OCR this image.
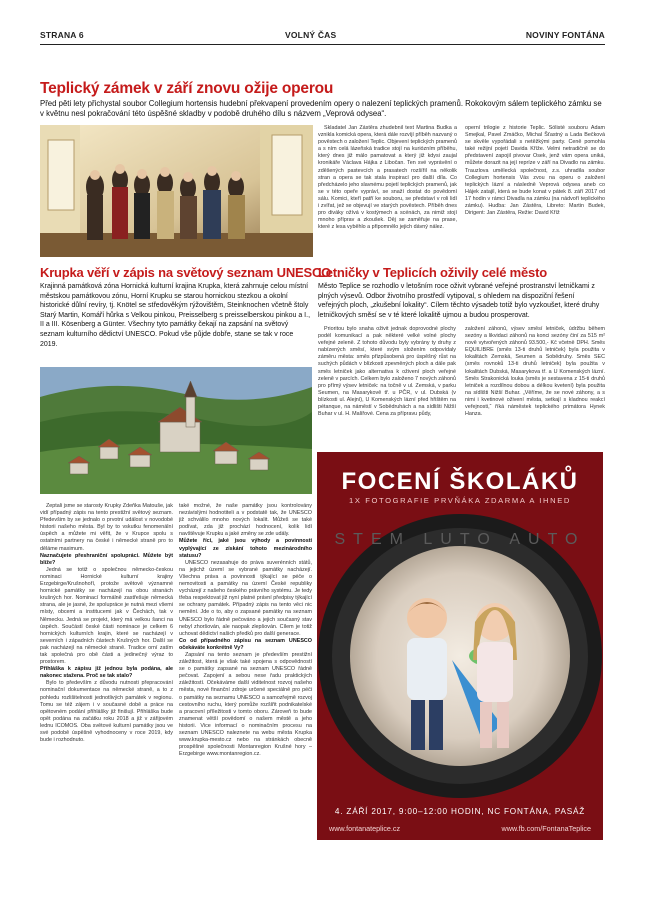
STRANA 6	VOLNÝ ČAS	NOVINY FONTÁNA
Teplický zámek v září znovu ožije operou
Před pěti lety přichystal soubor Collegium hortensis hudební překvapení provedením opery o nalezení teplických pramenů. Rokokovým sálem teplického zámku se v květnu nesl pokračování této úspěšné skladby v podobě druhého dílu s názvem „Veprová odysea“.

Skladatel Jan Zástěra zhudebnil text Martina Budka a vznikla komická opera, která dále rozvíjí příběh nazvaný o pověstech o založení Teplic. Objevení teplických pramenů a s ním celá lázeňská tradice stojí na kuriózním příběhu, který dnes již málo pamatovat a který již kdysi zaujal kronikáře Václava Hájka z Libočan. Ten své vyprávění o zděšených pastevcích a prasatech rozšířil na několik stran a opera se tak stala inspirací pro další díla. Co předcházelo jeho slavnému pojetí teplických pramenů, jak se v této opeře vypráví, se snaží dostat do povědomí sálu. Komici, kteří patří ke souboru, se představí v roli lidí i zvířat, jež se objevují ve starých pověstech. Příběh dnes pro diváky ožívá v kostýmech a scénách, za nimiž stojí mnoho příprav a zkoušek. Děj se zaměřuje na prase, které z lesa vyběhlo a připomnělo jejich dávný nález.

operní trilogie z historie Teplic. Sólisté souboru Adam Smejkal, Pavel Zmáčko, Michal Šťastný a Lada Bečková se skvěle vypořádali s netěžkými party. Ceně pomohla také režijní pojetí Davida Kříže. Velmi netradičně se do představení zapojil pivovar Osek, jenž vám opera uniká, můžete dorazit na její repríze v září na Divadlo na zámku. Trauzlova umělecká společnost, z.s. uhradila soubor Collegium hortensis Vás zvou na operu o založení teplických lázní a následně Veprová odysea aneb co Hájek zatajil, která se bude konat v pátek 8. září 2017 od 17 hodin v rámci Divadla na zámku (na nádvoří teplického zámku). Hudba: Jan Zástěra, Libreto: Martin Budek, Dirigent: Jan Zástěra, Režie: David Kříž

Krupka věří v zápis na světový seznam UNESCO
Krajinná památková zóna Hornická kulturní krajina Krupka, která zahrnuje celou místní městskou památkovou zónu, Horní Krupku se starou hornickou stezkou a okolní historické důlní revíry, tj. Knötel se středověkým rýžovištěm, Steinknochen včetně štoly Starý Martin, Komáří hůrka s Velkou pinkou, Preisselberg s preisselberskou pinkou a I., II a III. Kösenberg a Günter. Všechny tyto památky čekají na zapsání na světový seznam kulturního dědictví UNESCO. Pokud vše půjde dobře, stane se tak v roce 2019.

Zeptali jsme se starosty Krupky Zdeňka Matouše, jak vidí případný zápis na tento prestižní světový seznam. Předevšim by se jednalo o prvotní událost v novodobé historii našeho města. Byl by to vskutku fenomenální úspěch a můžete mi věřit, že v Krupce spolu s ostatními partnery na české i německé straně pro to děláme maximum.

Naznačujete přeshraniční spolupráci. Můžete být blíže?

Jedná se totiž o společnou německo-českou nominaci Hornické kulturní krajiny Erzgebirge/Krušnohoří, protože světově významné hornické památky se nacházejí na obou stranách krušných hor. Nominací formálně zastřešuje německá strana, ale je jasné, že spolupráce je nutná mezi všemi místy, obcemi a institucemi jak v Čechách, tak v Německu. Jedná se projekt, který má velkou šanci na úspěch. Součástí české části nominace je celkem 6 hornických kulturních krajin, které se nacházejí v severních i západních částech Krušných hor. Další se pak nacházejí na německé straně. Tradice orní zatím tak společná pro obě části a jedinečný výraz to prostorem.

Přihláška k zápisu již jednou byla podána, ale nakonec stažena. Proč se tak stalo?

Bylo to především z důvodu nutnosti přepracování nominační dokumentace na německé straně, a to z pohledu rozlišitelnosti jednotlivých památek v regionu. Tomu se též zájem i v současné době a práce na opětovném podání přihlášky již finišují. Přihláška bude opět podána na začátku roku 2018 a již v zářijovém lednu ICOMOS. Oba světové kulturní památky jsou ve své podobě úspěšně vyhodnoceny v roce 2019, kdy bude i rozhodnuto.

také možné, že naše památky jsou kontrolovány nezávislými hodnotiteli a v podstatě tak, že UNESCO již schválilo mnoho nových lokalit. Můžeš se také podívat, zda již prochází hodnocení, kolik lidí navštěvuje Krupku a jaké změny se zde udály.

Můžete říci, jaké jsou výhody a povinnosti vyplývající ze získání tohoto mezinárodního statusu?

UNESCO nezasahuje do práva suverénních států, na jejichž území se vybrané památky nacházejí. Všechna práva a povinnosti týkající se péče o nemovitosti a památky na území České republiky vycházejí z našeho českého právního systému. Je tedy třeba respektovat již nyní platné právní předpisy týkající se ochrany památek. Případný zápis na tento věci nic nemění. Jde o to, aby o zapsané památky na seznam UNESCO bylo řádně pečováno a jejich současný stav nebyl zhoršován, ale naopak zlepšován. Cílem je totiž uchovat dědictví našich předků pro další generace.

Co od případného zápisu na seznam UNESCO očekáváte konkrétně Vy?

Zapsání na tento seznam je především prestižní záležitost, která je však také spojena s odpovědností se o památky zapsané na seznam UNESCO řádně pečovat. Zapojení a sebou nese řadu praktických záležitostí. Očekáváme další viditelnost rozvoj našeho města, nové finanční zdroje určené speciálně pro péči o památky na seznamu UNESCO a samozřejmě rozvoj cestovního ruchu, který pomůže rozšířit podnikatelské a pracovní příležitosti v tomto oboru. Zároveň to bude znamenat větší povědomí o našem městě a jeho historii. Vice informací o nominačním procesu na seznam UNESCO naleznete na webu města Krupka www.krupka-mesto.cz nebo na stránkách obecně prospěšné společnosti Montanregion Krušné hory – Erzgebirge www.montanregion.cz.

Letničky v Teplicích oživily celé město
Město Teplice se rozhodlo v letošním roce oživit vybrané veřejné prostranství letničkami z plných výsevů. Odbor životního prostředí vytipoval, s ohledem na dispoziční řešení veřejných ploch, „zkušební lokality“. Cílem těchto výsadeb totiž bylo vyzkoušet, které druhy letničkových směsí se v té které lokalitě ujmou a budou prosperovat.

Prioritou bylo snaha oživit jednak doprovodné plochy podél komunikací a pak některé velké volné plochy veřejné zeleně. Z tohoto důvodu byly vybrány ty druhy z nabízených směsí, které svým složením odpovídaly záměru města: směs přizpůsobená pro úspěšný růst na suchých půdách v blízkosti zpevněných ploch a dále pak směs letniček jako alternativa k oživení ploch veřejné zeleně v parcích. Celkem bylo založeno 7 nových záhonů pro přímý výsev letniček: na točně v ul. Zemská, v parku Seumen, na Masarykově tř. u PČR, v ul. Dubská (v blízkosti ul. Alejní), U Komenských lázní před hřištěm na pétanque, na náměstí v Sobědruhách a na sídlišti Nižší Buhar v ul. H. Malířové. Cena za přípravu půdy,

založení záhonů, výsev směsí letniček, údržbu během sezóny a likvidaci záhonů na konci sezóny činí za 515 m² nově vytvořených záhonů 93.500,- Kč včetně DPH. Směs EQUILIBRE (směs 13-ti druhů letniček) byla použita v lokalitách Zemská, Seumen a Sobědruhy. Směs SEC (směs rovnoků 13-ti druhů letniček) byla použita v lokalitách Dubská, Masarykova tř. a U Komenských lázní. Směs Strakonická louka (směs je sestavena z 15-ti druhů letniček a rozdílnou dobou a délkou kvetení) byla použita na sídlišti Nižší Buhar. „Věříme, že se nové záhony, a s nimi i kvetinové oživení města, setkají s kladnou reakcí veřejnosti,“ říká náměstek teplického primátora Hynek Hanza.

FOCENÍ ŠKOLÁKŮ
1X FOTOGRAFIE PRVŇÁKA ZDARMA A IHNED
STEM LUTO AUTO
4. ZÁŘÍ 2017, 9:00–12:00 HODIN, NC FONTÁNA, PASÁŽ
www.fontanateplice.cz	www.fb.com/FontanaTeplice
